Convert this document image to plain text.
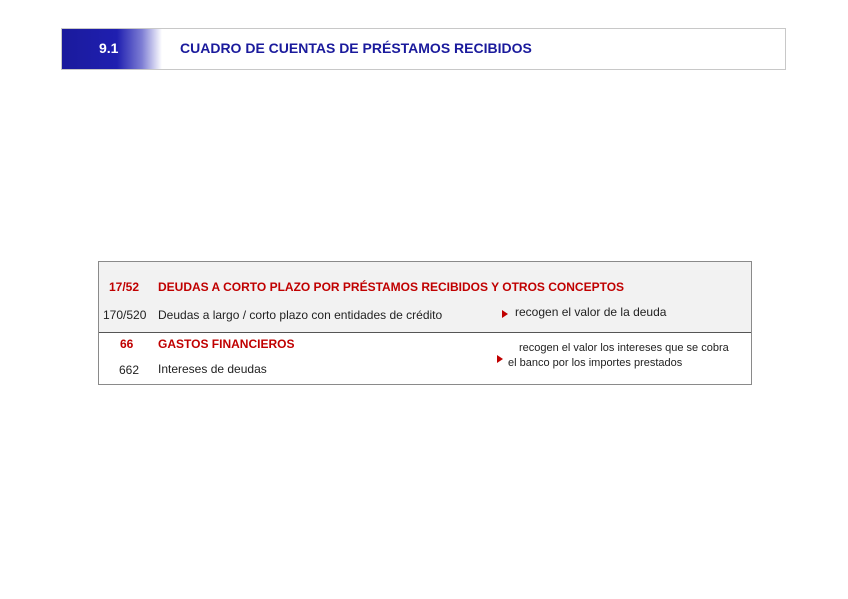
9.1	CUADRO DE CUENTAS DE PRÉSTAMOS RECIBIDOS
17/52 DEUDAS A CORTO PLAZO POR PRÉSTAMOS RECIBIDOS Y OTROS CONCEPTOS
170/520 Deudas a largo / corto plazo con entidades de crédito	recogen el valor de la deuda
66 GASTOS FINANCIEROS
662 Intereses de deudas
recogen el valor los intereses que se cobra
el banco por los importes prestados
